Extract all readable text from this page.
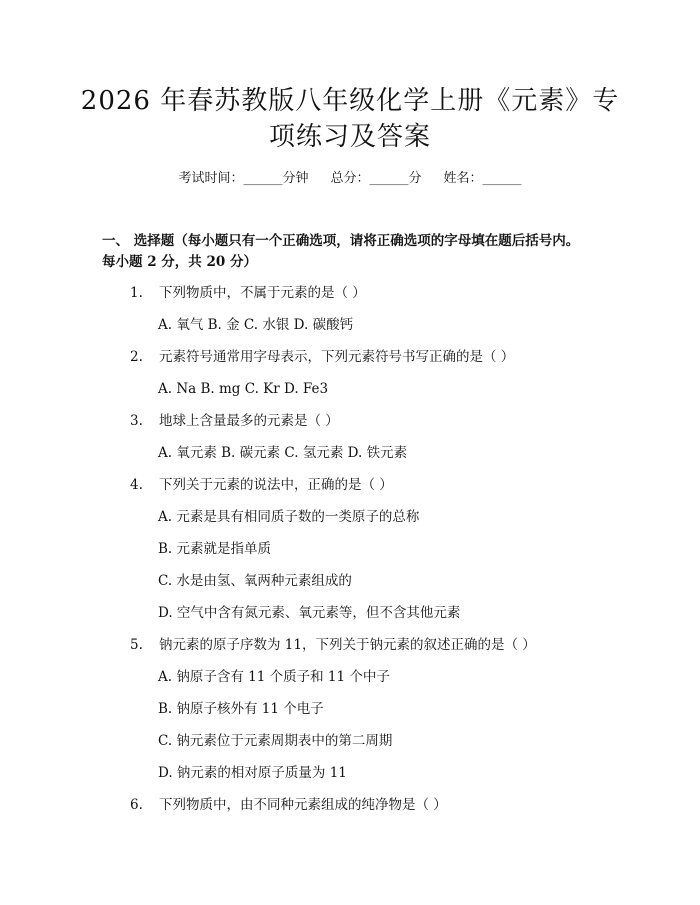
2026 年春苏教版八年级化学上册《元素》专
项练习及答案
考试时间：______分钟 总分：______分 姓名：______
一、 选择题（每小题只有一个正确选项，请将正确选项的字母填在题后括号内。
每小题 2 分，共 20 分）
1. 下列物质中，不属于元素的是（ ）
A. 氧气 B. 金 C. 水银 D. 碳酸钙
2. 元素符号通常用字母表示，下列元素符号书写正确的是（ ）
A. Na B. mg C. Kr D. Fe3
3. 地球上含量最多的元素是（ ）
A. 氧元素 B. 碳元素 C. 氢元素 D. 铁元素
4. 下列关于元素的说法中，正确的是（ ）
A. 元素是具有相同质子数的一类原子的总称
B. 元素就是指单质
C. 水是由氢、氧两种元素组成的
D. 空气中含有氮元素、氧元素等，但不含其他元素
5. 钠元素的原子序数为 11，下列关于钠元素的叙述正确的是（ ）
A. 钠原子含有 11 个质子和 11 个中子
B. 钠原子核外有 11 个电子
C. 钠元素位于元素周期表中的第二周期
D. 钠元素的相对原子质量为 11
6. 下列物质中，由不同种元素组成的纯净物是（ ）
